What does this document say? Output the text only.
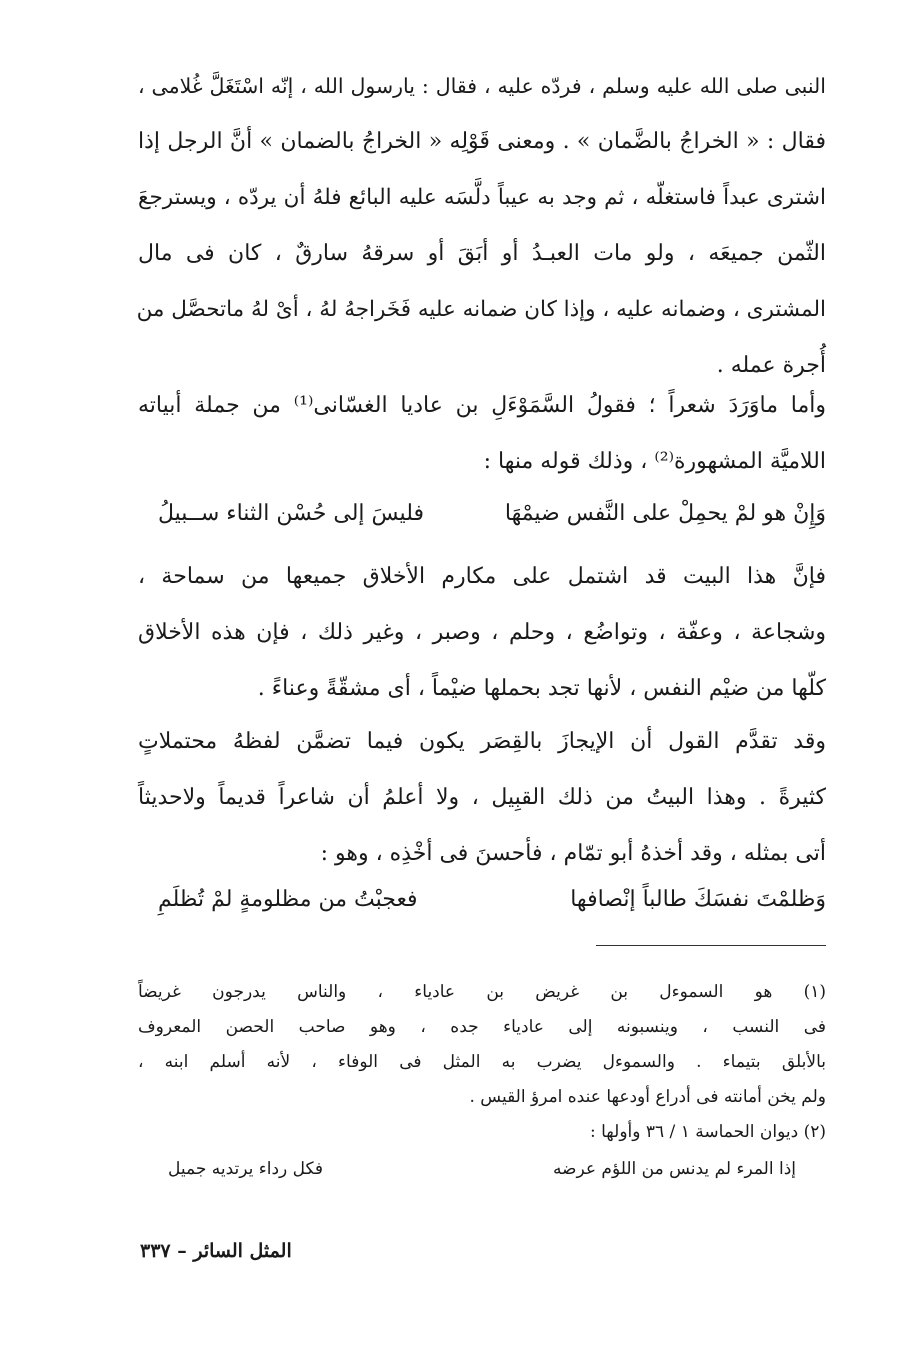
النبى صلى الله عليه وسلم ، فردّه عليه ، فقال : يارسول الله ، إنّه اسْتَغَلَّ غُلامى ،
فقال : « الخراجُ بالضَّمان » . ومعنى قَوْلِه « الخراجُ بالضمان » أنَّ الرجل إذا
اشترى عبداً فاستغلّه ، ثم وجد به عيباً دلَّسَه عليه البائع فلهُ أن يردّه ، ويسترجعَ
الثّمن جميعَه ، ولو مات العبـدُ أو أبَقَ أو سرقهُ سارقٌ ، كان فى مال
المشترى ، وضمانه عليه ، وإذا كان ضمانه عليه فَخَراجهُ لهُ ، أىْ لهُ ماتحصَّل من
أُجرة عمله .
وأما ماوَرَدَ شعراً ؛ فقولُ السَّمَوْءَلِ بن عاديا الغسّانى⁽¹⁾ من جملة أبياته
اللاميَّة المشهورة⁽²⁾ ، وذلك قوله منها :
وَإِنْ هو لمْ يحمِلْ على النَّفس ضيمْهَا
فليسَ إلى حُسْن الثناء ســبيلُ
فإنَّ هذا البيت قد اشتمل على مكارم الأخلاق جميعها من سماحة ،
وشجاعة ، وعفّة ، وتواضُع ، وحلم ، وصبر ، وغير ذلك ، فإن هذه الأخلاق
كلّها من ضيْم النفس ، لأنها تجد بحملها ضيْماً ، أى مشقّةً وعناءً .
وقد تقدَّم القول أن الإيجازَ بالقِصَر يكون فيما تضمَّن لفظهُ محتملاتٍ
كثيرةً . وهذا البيتُ من ذلك القبِيل ، ولا أعلمُ أن شاعراً قديماً ولاحديثاً
أتى بمثله ، وقد أخذهُ أبو تمّام ، فأحسنَ فى أخْذِه ، وهو :
وَظلمْتَ نفسَكَ طالباً إنْصافها
فعجبْتُ من مظلومةٍ لمْ تُظلَمِ
(١) هو السموءل بن غريض بن عادياء ، والناس يدرجون غريضاً
فى النسب ، وينسبونه إلى عادياء جده ، وهو صاحب الحصن المعروف
بالأبلق بتيماء . والسموءل يضرب به المثل فى الوفاء ، لأنه أسلم ابنه ،
ولم يخن أمانته فى أدراع أودعها عنده امرؤ القيس .
(٢) ديوان الحماسة ١ / ٣٦ وأولها :
إذا المرء لم يدنس من اللؤم عرضه
فكل رداء يرتديه جميل
المثل السائر – ٣٣٧
